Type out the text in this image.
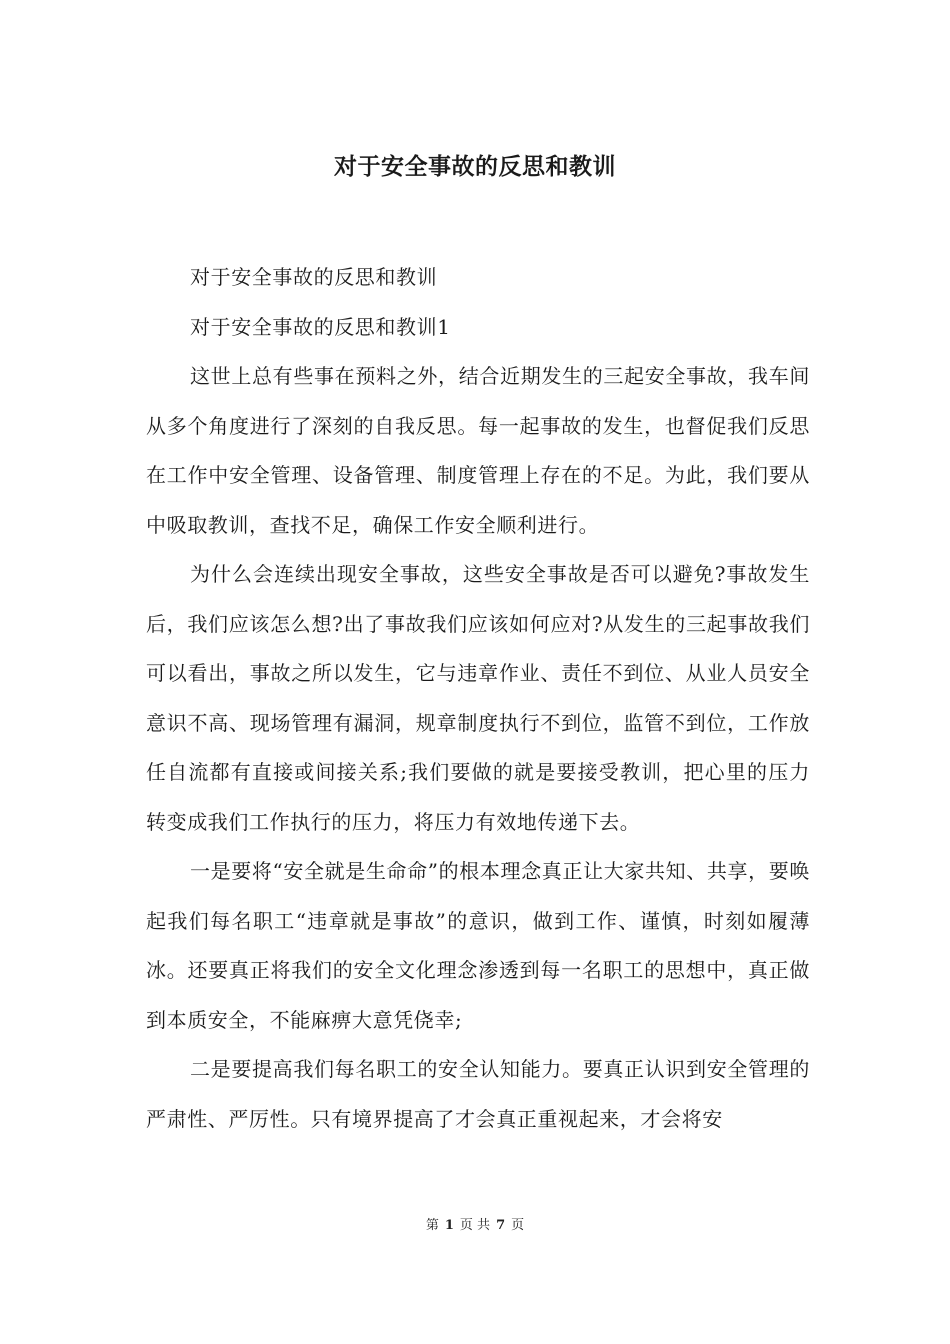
对于安全事故的反思和教训

对于安全事故的反思和教训

对于安全事故的反思和教训1

这世上总有些事在预料之外，结合近期发生的三起安全事故，我车间从多个角度进行了深刻的自我反思。每一起事故的发生，也督促我们反思在工作中安全管理、设备管理、制度管理上存在的不足。为此，我们要从中吸取教训，查找不足，确保工作安全顺利进行。

为什么会连续出现安全事故，这些安全事故是否可以避免?事故发生后，我们应该怎么想?出了事故我们应该如何应对?从发生的三起事故我们可以看出，事故之所以发生，它与违章作业、责任不到位、从业人员安全意识不高、现场管理有漏洞，规章制度执行不到位，监管不到位，工作放任自流都有直接或间接关系;我们要做的就是要接受教训，把心里的压力转变成我们工作执行的压力，将压力有效地传递下去。

一是要将“安全就是生命命”的根本理念真正让大家共知、共享，要唤起我们每名职工“违章就是事故”的意识，做到工作、谨慎，时刻如履薄冰。还要真正将我们的安全文化理念渗透到每一名职工的思想中，真正做到本质安全，不能麻痹大意凭侥幸;

二是要提高我们每名职工的安全认知能力。要真正认识到安全管理的严肃性、严厉性。只有境界提高了才会真正重视起来，才会将安

第 1 页 共 7 页
